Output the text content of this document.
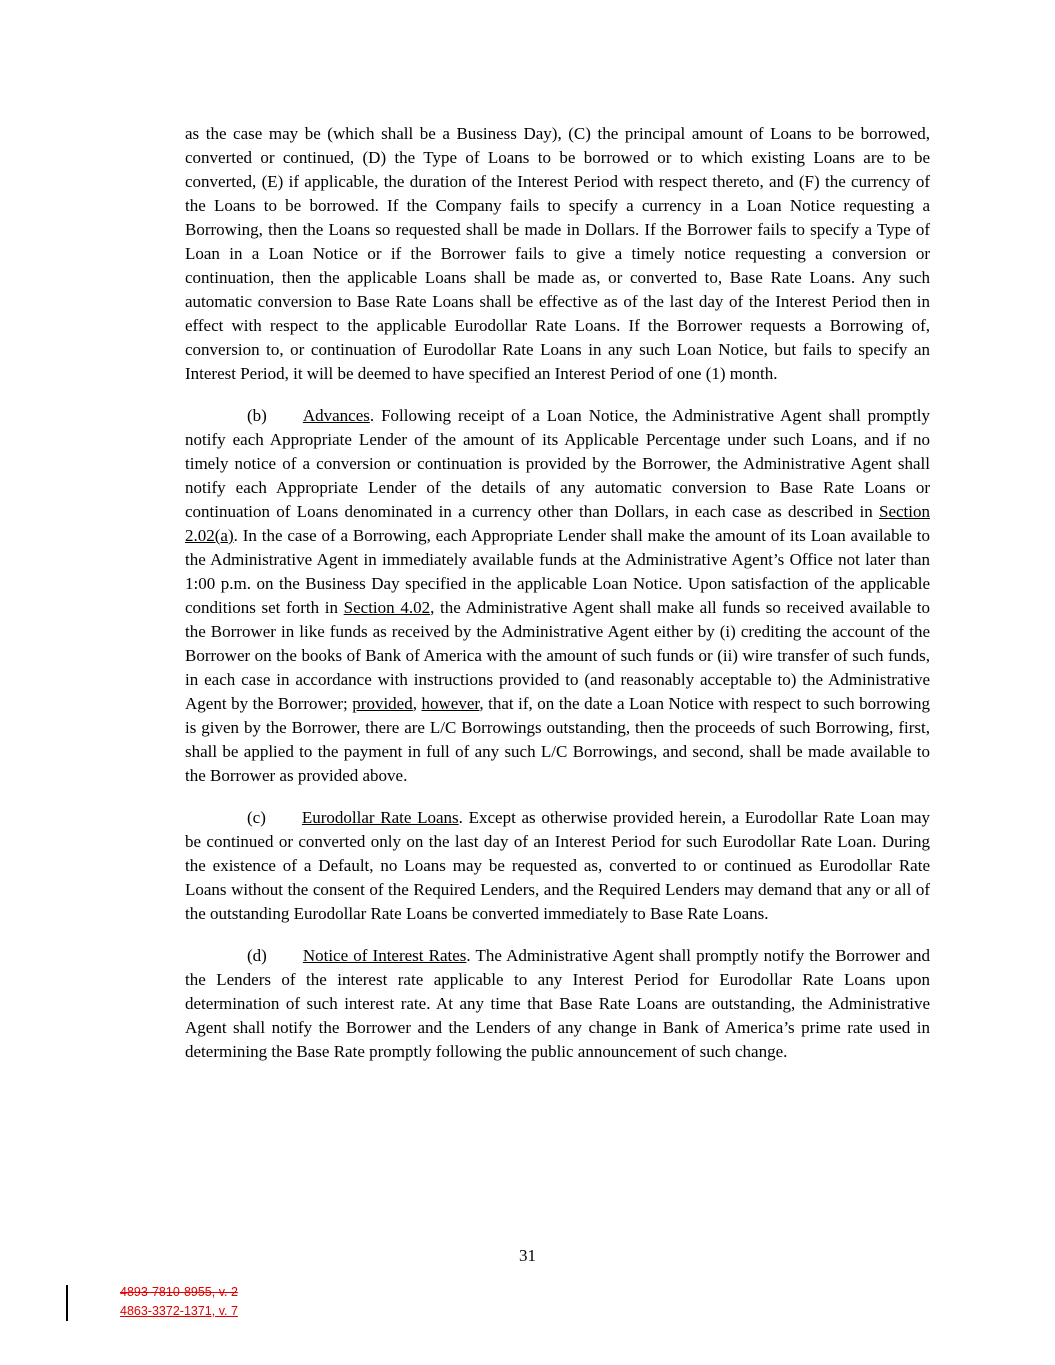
as the case may be (which shall be a Business Day), (C) the principal amount of Loans to be borrowed, converted or continued, (D) the Type of Loans to be borrowed or to which existing Loans are to be converted, (E) if applicable, the duration of the Interest Period with respect thereto, and (F) the currency of the Loans to be borrowed. If the Company fails to specify a currency in a Loan Notice requesting a Borrowing, then the Loans so requested shall be made in Dollars. If the Borrower fails to specify a Type of Loan in a Loan Notice or if the Borrower fails to give a timely notice requesting a conversion or continuation, then the applicable Loans shall be made as, or converted to, Base Rate Loans. Any such automatic conversion to Base Rate Loans shall be effective as of the last day of the Interest Period then in effect with respect to the applicable Eurodollar Rate Loans. If the Borrower requests a Borrowing of, conversion to, or continuation of Eurodollar Rate Loans in any such Loan Notice, but fails to specify an Interest Period, it will be deemed to have specified an Interest Period of one (1) month.

(b) Advances. Following receipt of a Loan Notice, the Administrative Agent shall promptly notify each Appropriate Lender of the amount of its Applicable Percentage under such Loans, and if no timely notice of a conversion or continuation is provided by the Borrower, the Administrative Agent shall notify each Appropriate Lender of the details of any automatic conversion to Base Rate Loans or continuation of Loans denominated in a currency other than Dollars, in each case as described in Section 2.02(a). In the case of a Borrowing, each Appropriate Lender shall make the amount of its Loan available to the Administrative Agent in immediately available funds at the Administrative Agent’s Office not later than 1:00 p.m. on the Business Day specified in the applicable Loan Notice. Upon satisfaction of the applicable conditions set forth in Section 4.02, the Administrative Agent shall make all funds so received available to the Borrower in like funds as received by the Administrative Agent either by (i) crediting the account of the Borrower on the books of Bank of America with the amount of such funds or (ii) wire transfer of such funds, in each case in accordance with instructions provided to (and reasonably acceptable to) the Administrative Agent by the Borrower; provided, however, that if, on the date a Loan Notice with respect to such borrowing is given by the Borrower, there are L/C Borrowings outstanding, then the proceeds of such Borrowing, first, shall be applied to the payment in full of any such L/C Borrowings, and second, shall be made available to the Borrower as provided above.

(c) Eurodollar Rate Loans. Except as otherwise provided herein, a Eurodollar Rate Loan may be continued or converted only on the last day of an Interest Period for such Eurodollar Rate Loan. During the existence of a Default, no Loans may be requested as, converted to or continued as Eurodollar Rate Loans without the consent of the Required Lenders, and the Required Lenders may demand that any or all of the outstanding Eurodollar Rate Loans be converted immediately to Base Rate Loans.

(d) Notice of Interest Rates. The Administrative Agent shall promptly notify the Borrower and the Lenders of the interest rate applicable to any Interest Period for Eurodollar Rate Loans upon determination of such interest rate. At any time that Base Rate Loans are outstanding, the Administrative Agent shall notify the Borrower and the Lenders of any change in Bank of America’s prime rate used in determining the Base Rate promptly following the public announcement of such change.

31
4893-7810-8955, v. 2
4863-3372-1371, v. 7
